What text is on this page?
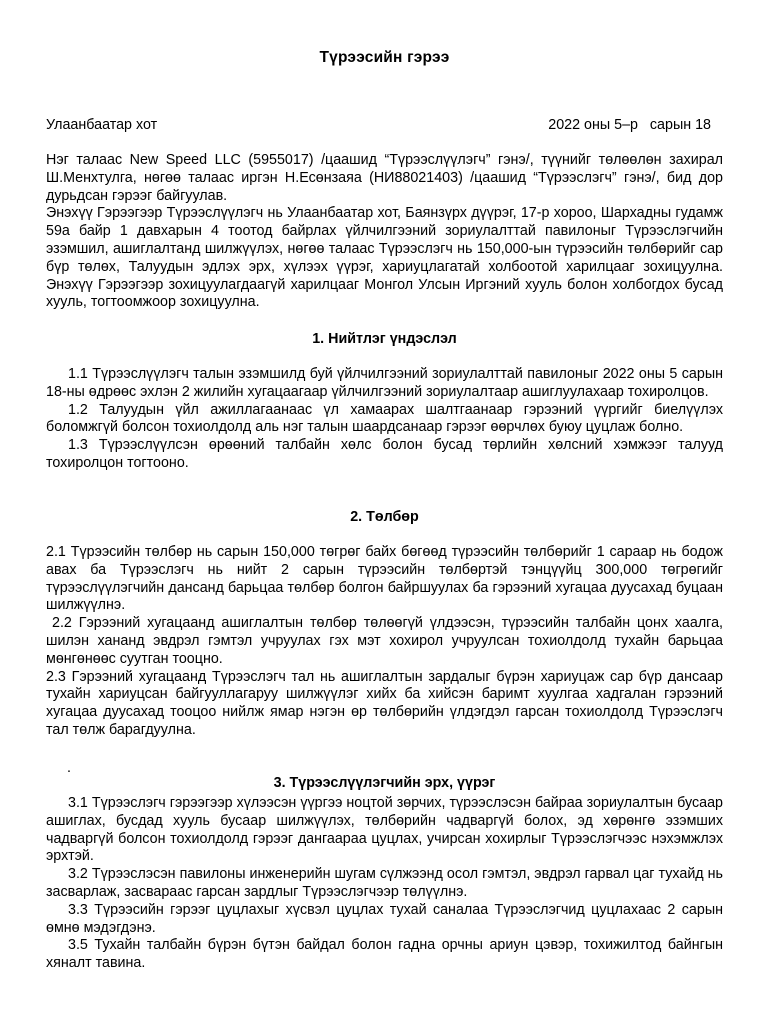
Түрээсийн гэрээ
Улаанбаатар хот	2022 оны 5–р   сарын 18

Нэг талаас New Speed LLC (5955017) /цаашид “Түрээслүүлэгч” гэнэ/, түүнийг төлөөлөн захирал Ш.Менхтулга, нөгөө талаас иргэн Н.Есөнзаяа (НИ88021403) /цаашид “Түрээслэгч” гэнэ/, бид дор дурьдсан гэрээг байгуулав.

Энэхүү Гэрээгээр Түрээслүүлэгч нь Улаанбаатар хот, Баянзүрх дүүрэг, 17-р хороо, Шархадны гудамж 59а байр 1 давхарын 4 тоотод байрлах үйлчилгээний зориулалттай павилоныг Түрээслэгчийн эзэмшил, ашиглалтанд шилжүүлэх, нөгөө талаас Түрээслэгч нь 150,000-ын түрээсийн төлбөрийг сар бүр төлөх, Талуудын эдлэх эрх, хүлээх үүрэг, хариуцлагатай холбоотой харилцааг зохицуулна. Энэхүү Гэрээгээр зохицуулагдаагүй харилцааг Монгол Улсын Иргэний хууль болон холбогдох бусад хууль, тогтоомжоор зохицуулна.

1. Нийтлэг үндэслэл

1.1 Түрээслүүлэгч талын эзэмшилд буй үйлчилгээний зориулалттай павилоныг 2022 оны 5 сарын 18-ны өдрөөс эхлэн 2 жилийн хугацаагаар үйлчилгээний зориулалтаар ашиглуулахаар тохиролцов.

1.2 Талуудын үйл ажиллагаанаас үл хамаарах шалтгаанаар гэрээний үүргийг биелүүлэх боломжгүй болсон тохиолдолд аль нэг талын шаардсанаар гэрээг өөрчлөх буюу цуцлаж болно.

1.3 Түрээслүүлсэн өрөөний талбайн хөлс болон бусад төрлийн хөлсний хэмжээг талууд тохиролцон тогтооно.

2. Төлбөр

2.1 Түрээсийн төлбөр нь сарын 150,000 төгрөг байх бөгөөд түрээсийн төлбөрийг 1 сараар нь бодож авах ба Түрээслэгч нь нийт 2 сарын түрээсийн төлбөртэй тэнцүүйц 300,000 төгрөгийг түрээслүүлэгчийн дансанд барьцаа төлбөр болгон байршуулах ба гэрээний хугацаа дуусахад буцаан шилжүүлнэ.

2.2 Гэрээний хугацаанд ашиглалтын төлбөр төлөөгүй үлдээсэн, түрээсийн талбайн цонх хаалга, шилэн хананд эвдрэл гэмтэл учруулах гэх мэт хохирол учруулсан тохиолдолд тухайн барьцаа мөнгөнөөс суутган тооцно.

2.3 Гэрээний хугацаанд Түрээслэгч тал нь ашиглалтын зардалыг бүрэн хариуцаж сар бүр дансаар тухайн хариуцсан байгууллагаруу шилжүүлэг хийх ба хийсэн баримт хуулгаа хадгалан гэрээний хугацаа дуусахад тооцоо нийлж ямар нэгэн өр төлбөрийн үлдэгдэл гарсан тохиолдолд Түрээслэгч тал төлж барагдуулна.

.
3. Түрээслүүлэгчийн эрх, үүрэг

3.1 Түрээслэгч гэрээгээр хүлээсэн үүргээ ноцтой зөрчих, түрээслэсэн байраа зориулалтын бусаар ашиглах, бусдад хууль бусаар шилжүүлэх, төлбөрийн чадваргүй болох, эд хөрөнгө эзэмших чадваргүй болсон тохиолдолд гэрээг дангаараа цуцлах, учирсан хохирлыг Түрээслэгчээс нэхэмжлэх эрхтэй.

3.2 Түрээслэсэн павилоны инженерийн шугам сүлжээнд осол гэмтэл, эвдрэл гарвал цаг тухайд нь засварлаж, засвараас гарсан зардлыг Түрээслэгчээр төлүүлнэ.

3.3 Түрээсийн гэрээг цуцлахыг хүсвэл цуцлах тухай саналаа Түрээслэгчид цуцлахаас 2 сарын өмнө мэдэгдэнэ.

3.5 Тухайн талбайн бүрэн бүтэн байдал болон гадна орчны ариун цэвэр, тохижилтод байнгын хяналт тавина.
